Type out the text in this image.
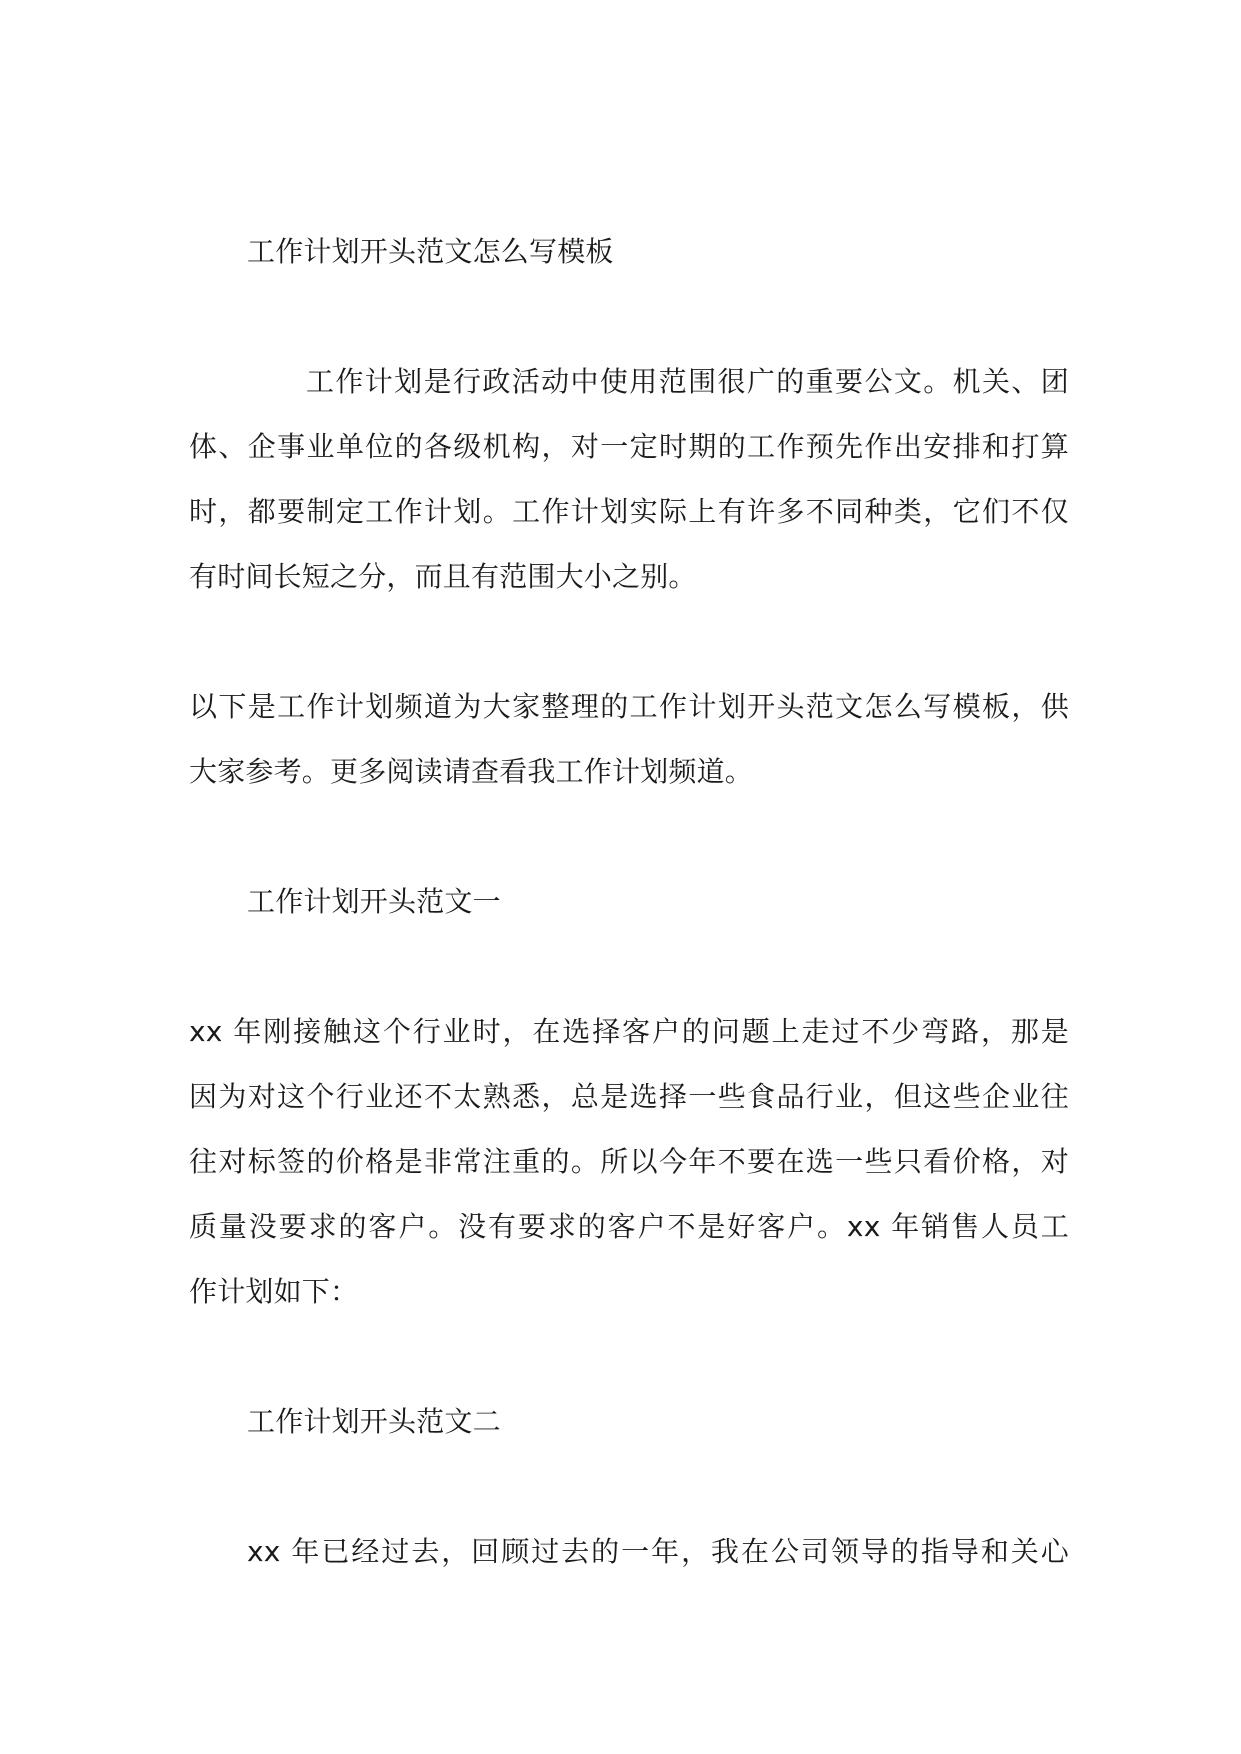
工作计划开头范文怎么写模板
工作计划是行政活动中使用范围很广的重要公文。机关、团
体、企事业单位的各级机构，对一定时期的工作预先作出安排和打算
时，都要制定工作计划。工作计划实际上有许多不同种类，它们不仅
有时间长短之分，而且有范围大小之别。
以下是工作计划频道为大家整理的工作计划开头范文怎么写模板，供
大家参考。更多阅读请查看我工作计划频道。
工作计划开头范文一
xx 年刚接触这个行业时，在选择客户的问题上走过不少弯路，那是
因为对这个行业还不太熟悉，总是选择一些食品行业，但这些企业往
往对标签的价格是非常注重的。所以今年不要在选一些只看价格，对
质量没要求的客户。没有要求的客户不是好客户。xx 年销售人员工
作计划如下：
工作计划开头范文二
xx 年已经过去，回顾过去的一年，我在公司领导的指导和关心
